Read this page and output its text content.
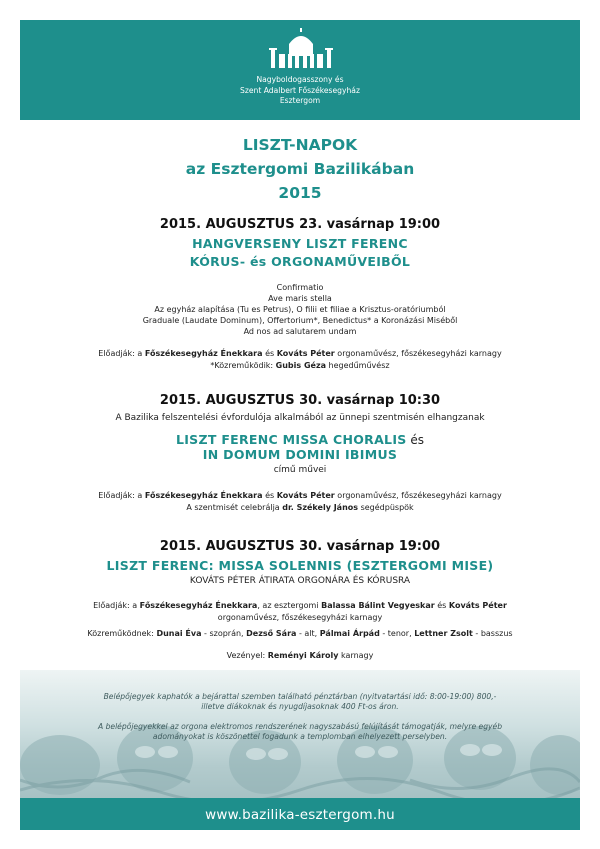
Nagyboldogasszony és
Szent Adalbert Főszékesegyház
Esztergom
LISZT-NAPOK
az Esztergomi Bazilikában
2015
2015. AUGUSZTUS 23. vasárnap 19:00
HANGVERSENY LISZT FERENC
KÓRUS- és ORGONAMŰVEIBŐL
Confirmatio
Ave maris stella
Az egyház alapítása (Tu es Petrus), O filii et filiae a Krisztus-oratóriumból
Graduale (Laudate Dominum), Offertorium*, Benedictus* a Koronázási Miséből
Ad nos ad salutarem undam
Előadják: a Főszékesegyház Énekkara és Kováts Péter orgonaművész, főszékesegyházi karnagy
*Közreműködik: Gubis Géza hegedűművész
2015. AUGUSZTUS 30. vasárnap 10:30
A Bazilika felszentelési évfordulója alkalmából az ünnepi szentmisén elhangzanak
LISZT FERENC MISSA CHORALIS és
IN DOMUM DOMINI IBIMUS
című művei
Előadják: a Főszékesegyház Énekkara és Kováts Péter orgonaművész, főszékesegyházi karnagy
A szentmisét celebrálja dr. Székely János segédpüspök
2015. AUGUSZTUS 30. vasárnap 19:00
LISZT FERENC: MISSA SOLENNIS (ESZTERGOMI MISE)
KOVÁTS PÉTER ÁTIRATA ORGONÁRA ÉS KÓRUSRA
Előadják: a Főszékesegyház Énekkara, az esztergomi Balassa Bálint Vegyeskar és Kováts Péter
orgonaművész, főszékesegyházi karnagy
Közreműködnek: Dunai Éva - szoprán, Dezső Sára - alt, Pálmai Árpád - tenor, Lettner Zsolt - basszus
Vezényel: Reményi Károly karnagy
Belépőjegyek kaphatók a bejárattal szemben található pénztárban (nyitvatartási idő: 8:00-19:00) 800,-
illetve diákoknak és nyugdíjasoknak 400 Ft-os áron.
A belépőjegyekkel az orgona elektromos rendszerének nagyszabású felújítását támogatják, melyre egyéb
adományokat is köszönettel fogadunk a templomban elhelyezett perselyben.
www.bazilika-esztergom.hu
